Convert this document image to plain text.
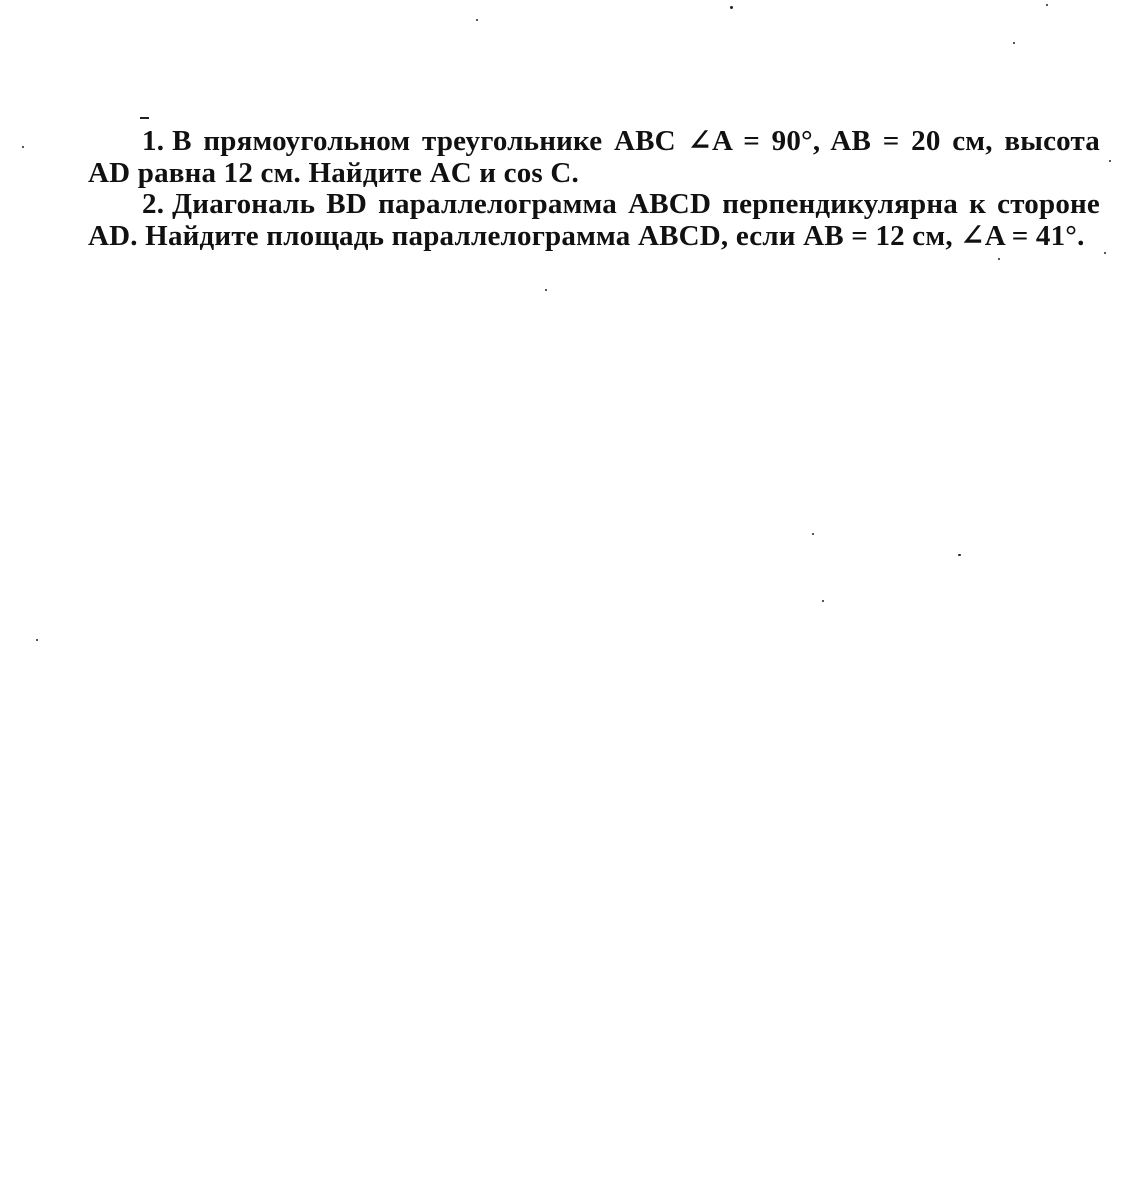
1. В прямоугольном треугольнике ABC ∠A = 90°, AB = 20 см, высота AD равна 12 см. Найдите AC и cos C.

2. Диагональ BD параллелограмма ABCD перпендикулярна к стороне AD. Найдите площадь параллелограмма ABCD, если AB = 12 см, ∠A = 41°.
